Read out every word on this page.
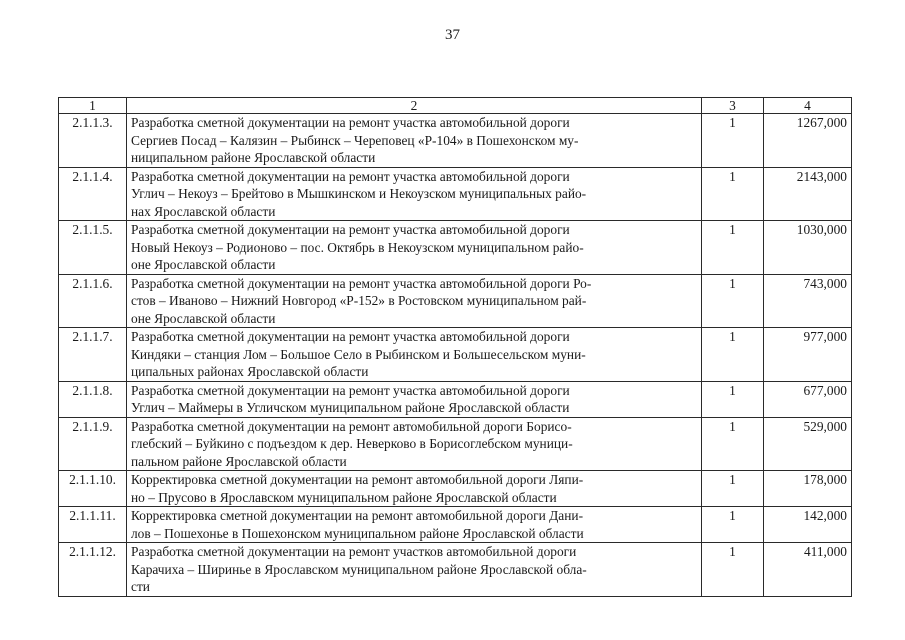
37
1	2	3	4
2.1.1.3.	Разработка сметной документации на ремонт участка автомобильной дороги
Сергиев Посад – Калязин – Рыбинск – Череповец «Р-104» в Пошехонском му-
ниципальном районе Ярославской области	1	1267,000
2.1.1.4.	Разработка сметной документации на ремонт участка автомобильной дороги
Углич – Некоуз – Брейтово в Мышкинском и Некоузском муниципальных райо-
нах Ярославской области	1	2143,000
2.1.1.5.	Разработка сметной документации на ремонт участка автомобильной дороги
Новый Некоуз – Родионово – пос. Октябрь в Некоузском муниципальном райо-
оне Ярославской области	1	1030,000
2.1.1.6.	Разработка сметной документации на ремонт участка автомобильной дороги Ро-
стов – Иваново – Нижний Новгород «Р-152» в Ростовском муниципальном рай-
оне Ярославской области	1	743,000
2.1.1.7.	Разработка сметной документации на ремонт участка автомобильной дороги
Киндяки – станция Лом – Большое Село в Рыбинском и Большесельском муни-
ципальных районах Ярославской области	1	977,000
2.1.1.8.	Разработка сметной документации на ремонт участка автомобильной дороги
Углич – Маймеры в Угличском муниципальном районе Ярославской области	1	677,000
2.1.1.9.	Разработка сметной документации на ремонт автомобильной дороги Борисо-
глебский – Буйкино с подъездом к дер. Неверково в Борисоглебском муници-
пальном районе Ярославской области	1	529,000
2.1.1.10.	Корректировка сметной документации на ремонт автомобильной дороги Ляпи-
но – Прусово в Ярославском муниципальном районе Ярославской области	1	178,000
2.1.1.11.	Корректировка сметной документации на ремонт автомобильной дороги Дани-
лов – Пошехонье в Пошехонском муниципальном районе Ярославской области	1	142,000
2.1.1.12.	Разработка сметной документации на ремонт участков автомобильной дороги
Карачиха – Ширинье в Ярославском муниципальном районе Ярославской обла-
сти	1	411,000
